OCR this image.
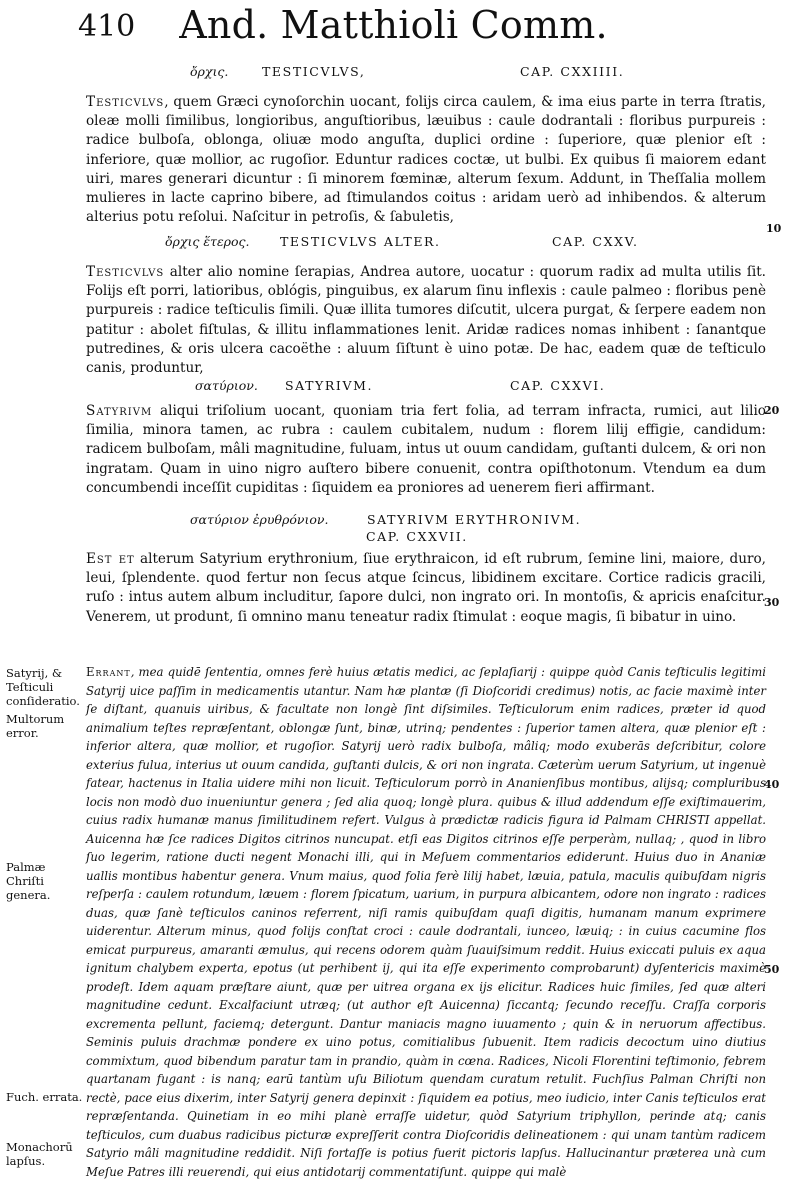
410	And. Matthioli Comm.
ὄρχις.	TESTICVLVS,	CAP. CXXIIII.
Testicvlvs, quem Græci cynoſorchin uocant, folijs circa caulem, & ima eius parte in terra ſtratis, oleæ molli ſimilibus, longioribus, anguſtioribus, læuibus : caule dodrantali : floribus purpureis : radice bulboſa, oblonga, oliuæ modo anguſta, duplici ordine : ſuperiore, quæ plenior eſt : inferiore, quæ mollior, ac rugoſior. Eduntur radices coctæ, ut bulbi. Ex quibus ſi maiorem edant uiri, mares generari dicuntur : ſi minorem fœminæ, alterum ſexum. Addunt, in Theſſalia mollem mulieres in lacte caprino bibere, ad ſtimulandos coitus : aridam uerò ad inhibendos. & alterum alterius potu reſolui. Naſcitur in petroſis, & ſabuletis,
ὄρχις ἕτερος. TESTICVLVS ALTER.	CAP. CXXV.
Testicvlvs alter alio nomine ſerapias, Andrea autore, uocatur : quorum radix ad multa utilis ſit. Folijs eſt porri, latioribus, oblógis, pinguibus, ex alarum ſinu inflexis : caule palmeo : floribus penè purpureis : radice teſticulis ſimili. Quæ illita tumores diſcutit, ulcera purgat, & ſerpere eadem non patitur : abolet fiſtulas, & illitu inflammationes lenit. Aridæ radices nomas inhibent : ſanantque putredines, & oris ulcera cacoëthe : aluum ſiſtunt è uino potæ. De hac, eadem quæ de teſticulo canis, produntur,
σατύριον. SATYRIVM.	CAP. CXXVI.
Satyrivm aliqui triſolium uocant, quoniam tria fert folia, ad terram infracta, rumici, aut lilio ſimilia, minora tamen, ac rubra : caulem cubitalem, nudum : florem lilij effigie, candidum: radicem bulboſam, mâli magnitudine, fuluam, intus ut ouum candidam, guſtanti dulcem, & ori non ingratam. Quam in uino nigro auſtero bibere conuenit, contra opiſthotonum. Vtendum ea dum concumbendi inceſſit cupiditas : ſiquidem ea proniores ad uenerem fieri affirmant.
σατύριον ἐρυθρόνιον.	SATYRIVM ERYTHRONIVM.
CAP. CXXVII.
Est et alterum Satyrium erythronium, ſiue erythraicon, id eſt rubrum, ſemine lini, maiore, duro, leui, ſplendente. quod fertur non ſecus atque ſcincus, libidinem excitare. Cortice radicis gracili, ruſo : intus autem album includitur, ſapore dulci, non ingrato ori. In montoſis, & apricis enaſcitur. Venerem, ut produnt, ſi omnino manu teneatur radix ſtimulat : eoque magis, ſi bibatur in uino.
Errant, mea quidē ſententia, omnes ferè huius ætatis medici, ac ſeplaſiarij : quippe quòd Canis teſticulis legitimi Satyrij uice paſſim in medicamentis utantur. Nam hæ plantæ (ſi Dioſcoridi credimus) notis, ac facie maximè inter ſe diſtant, quanuis uiribus, & facultate non longè ſint diſsimiles. Teſticulorum enim radices, præter id quod animalium teſtes repræſentant, oblongæ ſunt, binæ, utrinq; pendentes : ſuperior tamen altera, quæ plenior eſt : inferior altera, quæ mollior, et rugoſior. Satyrij uerò radix bulboſa, mâliq; modo exuberās deſcribitur, colore exterius fulua, interius ut ouum candida, guſtanti dulcis, & ori non ingrata. Cæterùm uerum Satyrium, ut ingenuè fatear, hactenus in Italia uidere mihi non licuit. Teſticulorum porrò in Ananienſibus montibus, alijsq; compluribus locis non modò duo inueniuntur genera ; ſed alia quoq; longè plura. quibus & illud addendum eſſe exiſtimauerim, cuius radix humanæ manus ſimilitudinem refert. Vulgus à prædictæ radicis figura id Palmam CHRISTI appellat. Auicenna hæ ſce radices Digitos citrinos nuncupat. etſi eas Digitos citrinos eſſe perperàm, nullaq; , quod in libro ſuo legerim, ratione ducti negent Monachi illi, qui in Meſuem commentarios ediderunt. Huius duo in Ananiæ uallis montibus habentur genera. Vnum maius, quod folia ferè lilij habet, læuia, patula, maculis quibuſdam nigris reſperſa : caulem rotundum, læuem : florem ſpicatum, uarium, in purpura albicantem, odore non ingrato : radices duas, quæ ſanè teſticulos caninos referrent, niſi ramis quibuſdam quaſi digitis, humanam manum exprimere uiderentur. Alterum minus, quod folijs conſtat croci : caule dodrantali, iunceo, læuiq; : in cuius cacumine flos emicat purpureus, amaranti æmulus, qui recens odorem quàm ſuauiſsimum reddit. Huius exiccati puluis ex aqua ignitum chalybem experta, epotus (ut perhibent ij, qui ita eſſe experimento comprobarunt) dyſentericis maximè prodeſt. Idem aquam præſtare aiunt, quæ per uitrea organa ex ijs elicitur. Radices huic ſimiles, ſed quæ alteri magnitudine cedunt. Excalfaciunt utræq; (ut author eſt Auicenna) ſiccantq; ſecundo receſſu. Craſſa corporis excrementa pellunt, faciemq; detergunt. Dantur maniacis magno iuuamento ; quin & in neruorum affectibus. Seminis puluis drachmæ pondere ex uino potus, comitialibus ſubuenit. Item radicis decoctum uino diutius commixtum, quod bibendum paratur tam in prandio, quàm in cœna. Radices, Nicoli Florentini teſtimonio, febrem quartanam fugant : is nanq; earū tantùm uſu Biliotum quendam curatum retulit. Fuchſius Palman Chriſti non rectè, pace eius dixerim, inter Satyrij genera depinxit : ſiquidem ea potius, meo iudicio, inter Canis teſticulos erat repræſentanda. Quinetiam in eo mihi planè erraſſe uidetur, quòd Satyrium triphyllon, perinde atq; canis teſticulos, cum duabus radicibus picturæ expreſſerit contra Dioſcoridis delineationem : qui unam tantùm radicem Satyrio mâli magnitudine reddidit. Niſi fortaſſe is potius fuerit pictoris lapſus. Hallucinantur præterea unà cum Meſue Patres illi reuerendi, qui eius antidotarij commentatiſunt. quippe qui malè
Satyrij, & Teſticuli conſideratio.
Multorum error.
Palmæ Chriſti genera.
Fuch. errata.
Monachorū lapſus.
10
20
30
40
50
